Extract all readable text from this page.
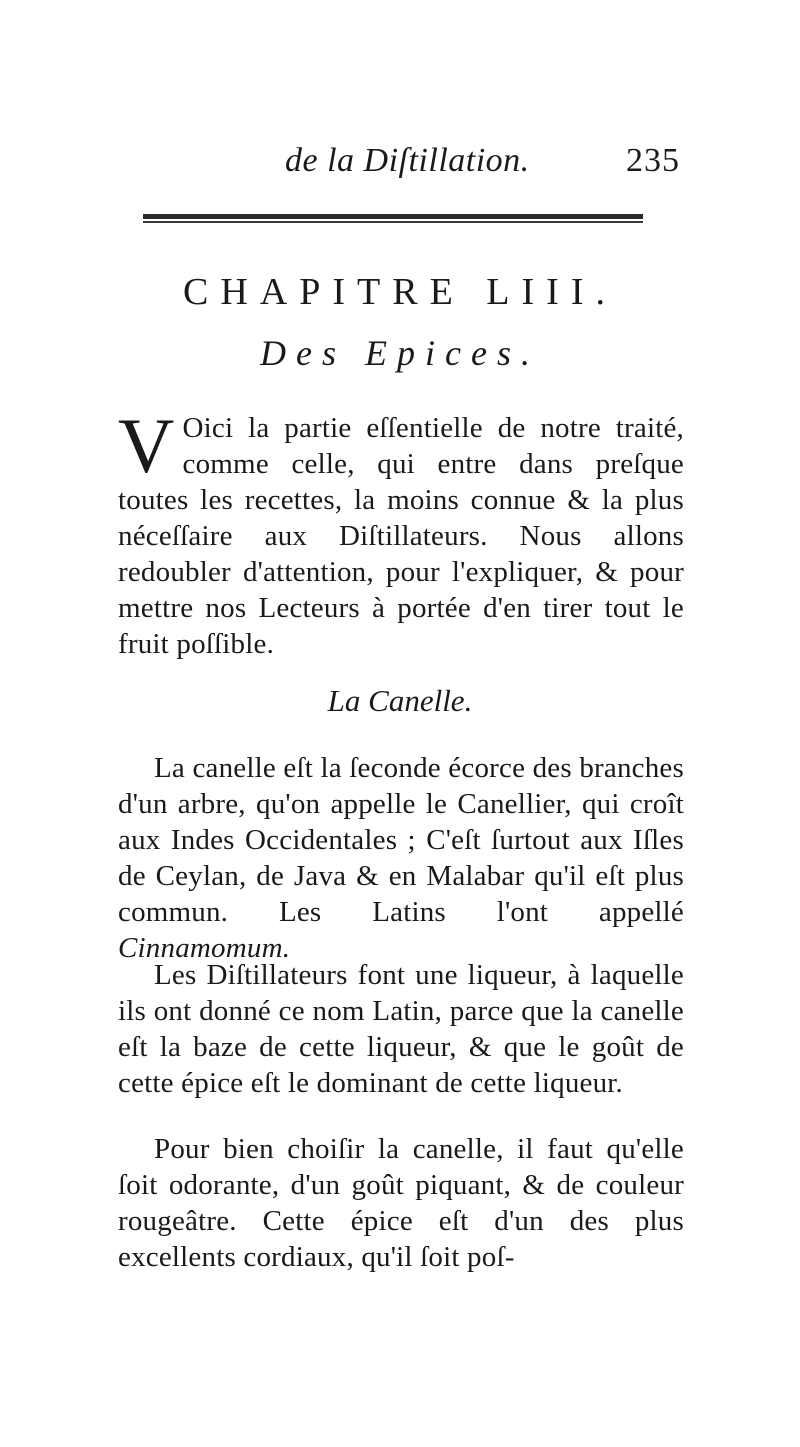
de la Diſtillation.	235
CHAPITRE LIII.
Des Epices.
V Oici la partie eſſentielle de notre traité, comme celle, qui entre dans preſque toutes les recettes, la moins connue & la plus néceſſaire aux Diſtillateurs. Nous allons redoubler d'attention, pour l'expliquer, & pour mettre nos Lecteurs à portée d'en tirer tout le fruit poſſible.
La Canelle.
La canelle eſt la ſeconde écorce des branches d'un arbre, qu'on appelle le Canellier, qui croît aux Indes Occidentales ; C'eſt ſurtout aux Iſles de Ceylan, de Java & en Malabar qu'il eſt plus commun. Les Latins l'ont appellé Cinnamomum.
Les Diſtillateurs font une liqueur, à laquelle ils ont donné ce nom Latin, parce que la canelle eſt la baze de cette liqueur, & que le goût de cette épice eſt le dominant de cette liqueur.
Pour bien choiſir la canelle, il faut qu'elle ſoit odorante, d'un goût piquant, & de couleur rougeâtre. Cette épice eſt d'un des plus excellents cordiaux, qu'il ſoit poſ-
